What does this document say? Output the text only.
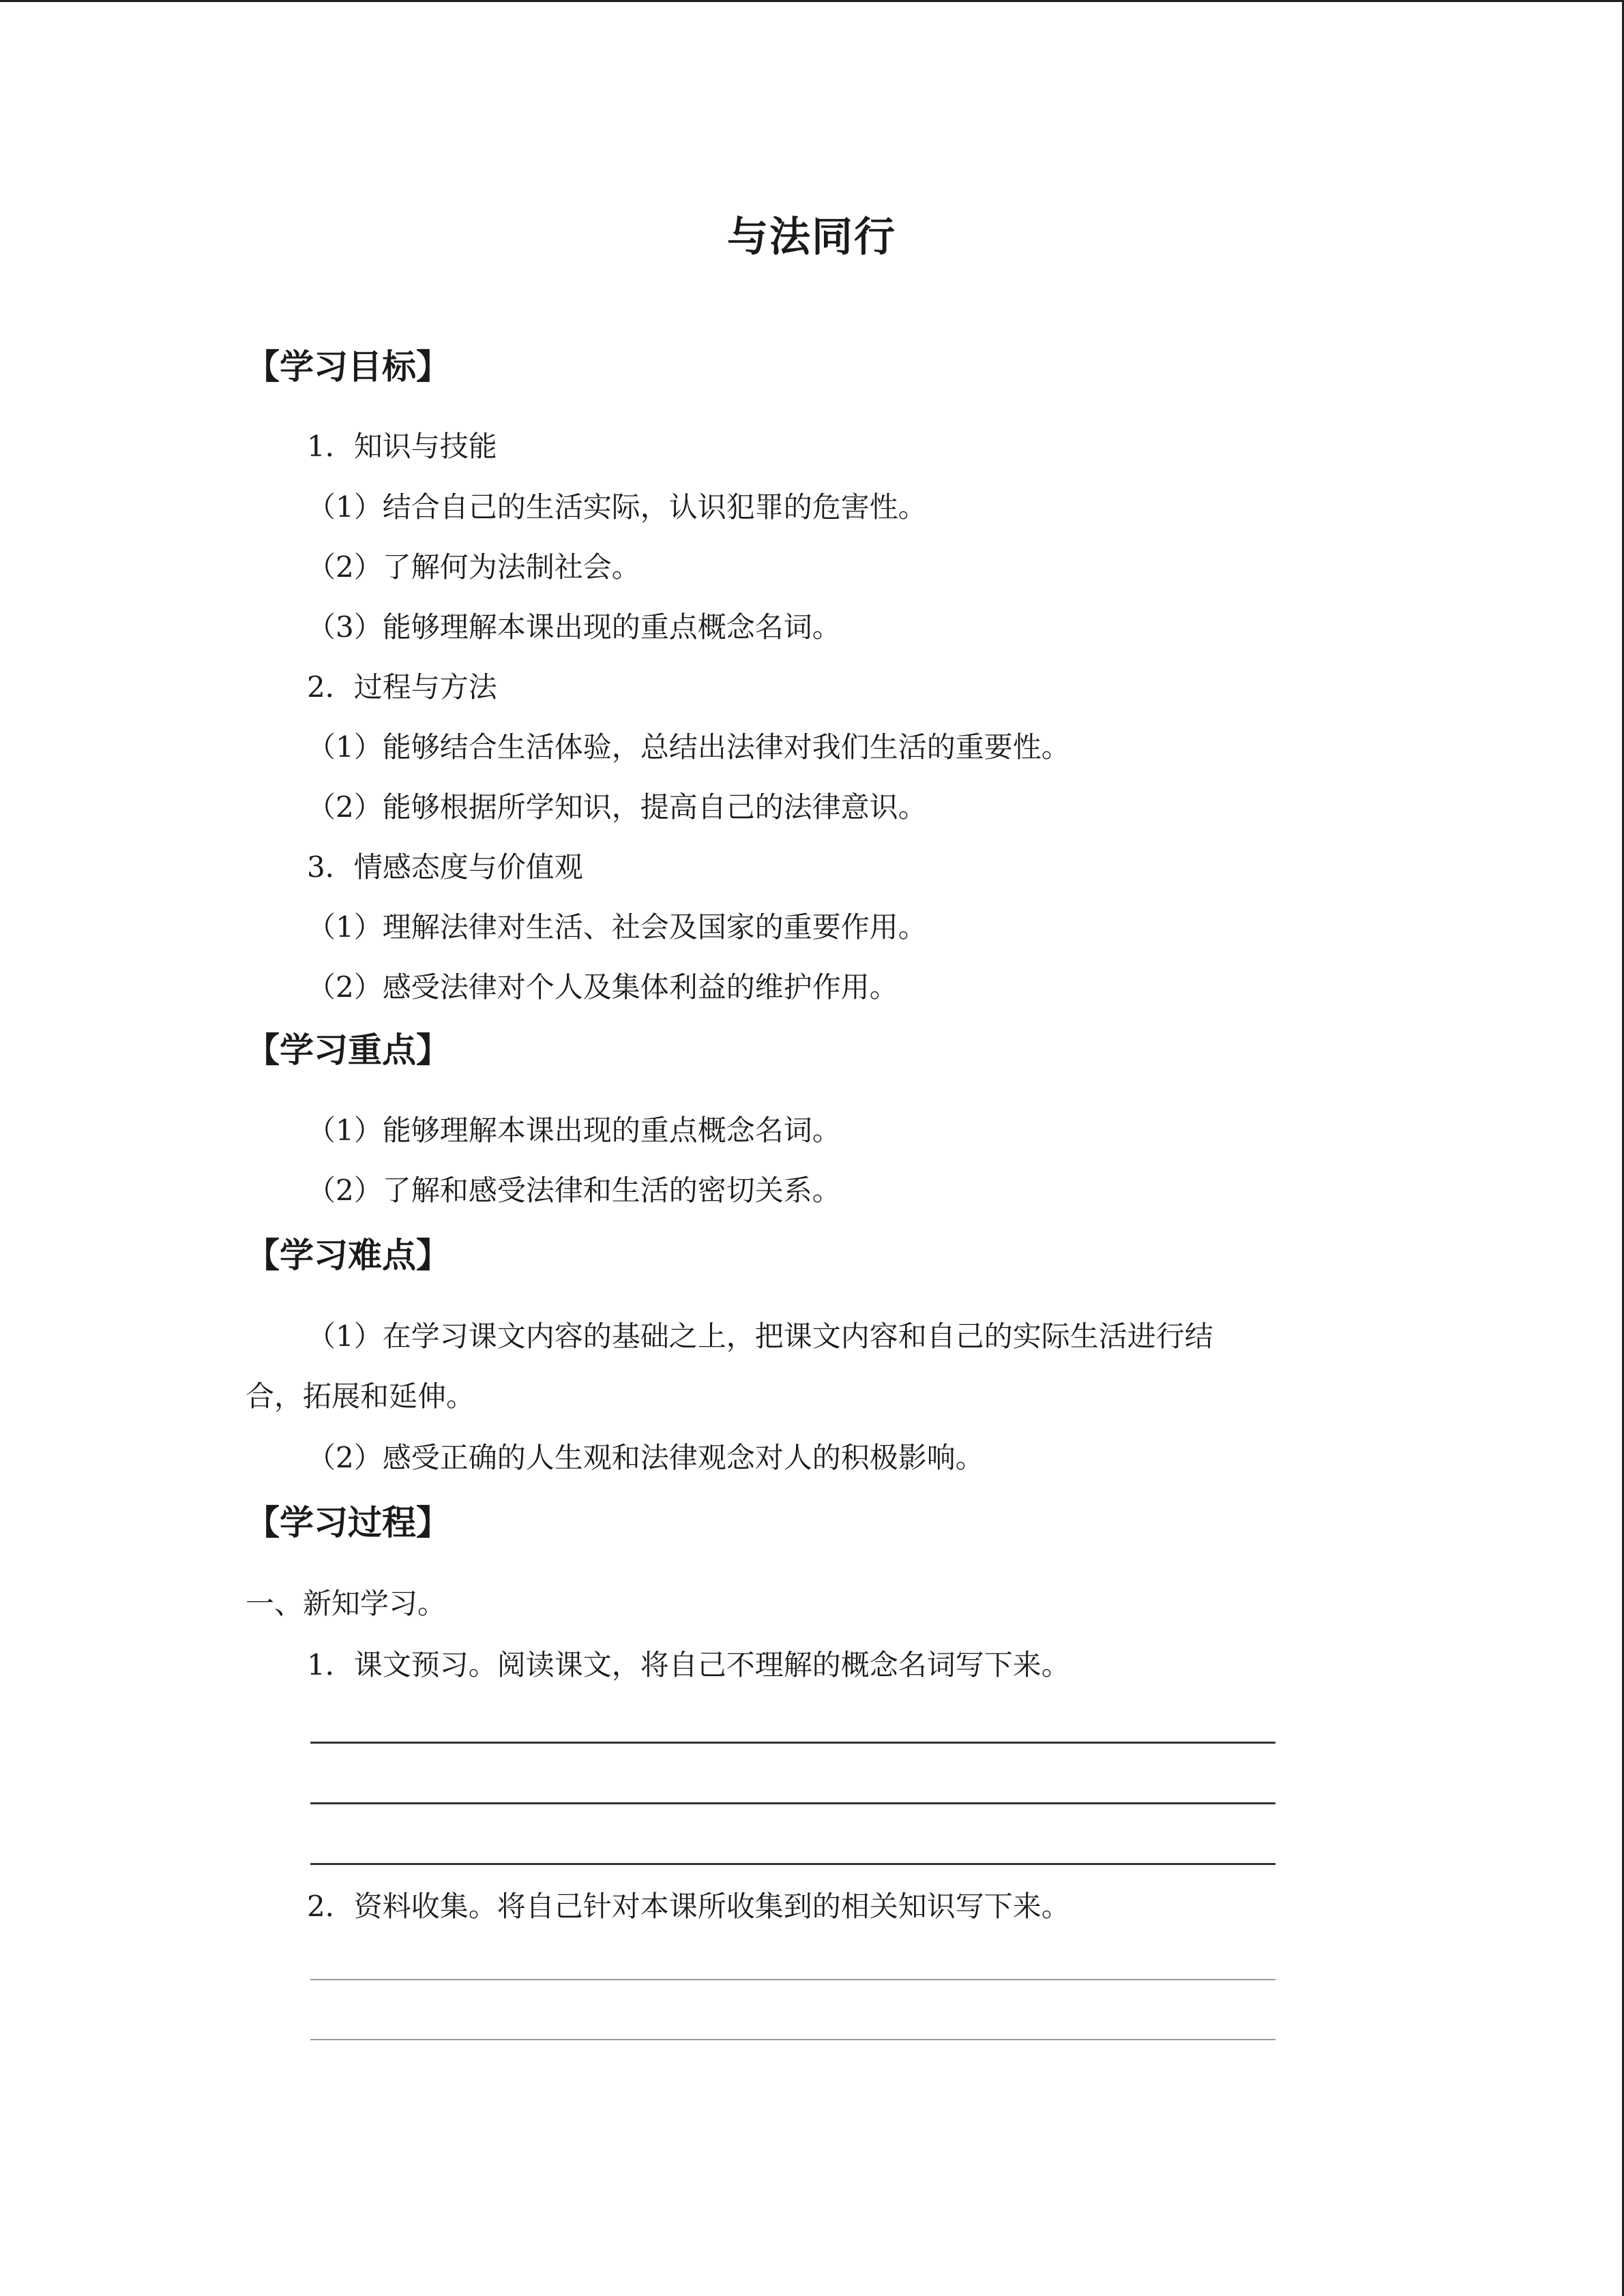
与法同行
【学习目标】
1．知识与技能
（1）结合自己的生活实际，认识犯罪的危害性。
（2）了解何为法制社会。
（3）能够理解本课出现的重点概念名词。
2．过程与方法
（1）能够结合生活体验，总结出法律对我们生活的重要性。
（2）能够根据所学知识，提高自己的法律意识。
3．情感态度与价值观
（1）理解法律对生活、社会及国家的重要作用。
（2）感受法律对个人及集体利益的维护作用。
【学习重点】
（1）能够理解本课出现的重点概念名词。
（2）了解和感受法律和生活的密切关系。
【学习难点】
（1）在学习课文内容的基础之上，把课文内容和自己的实际生活进行结
合，拓展和延伸。
（2）感受正确的人生观和法律观念对人的积极影响。
【学习过程】
一、新知学习。
1．课文预习。阅读课文，将自己不理解的概念名词写下来。
2．资料收集。将自己针对本课所收集到的相关知识写下来。
